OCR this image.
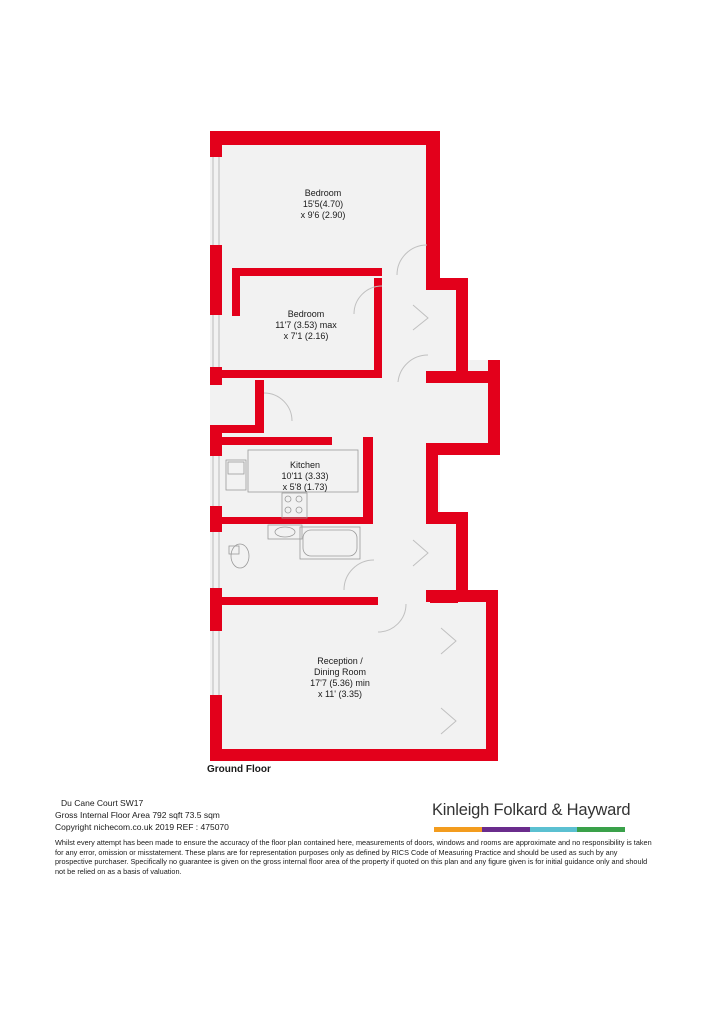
Bedroom
15'5(4.70)
x 9'6 (2.90)
Bedroom
11'7 (3.53) max
x 7'1 (2.16)
Kitchen
10'11 (3.33)
x 5'8 (1.73)
Reception /
Dining Room
17'7 (5.36) min
x 11' (3.35)
Ground Floor
Du Cane Court SW17
Gross Internal Floor Area 792 sqft 73.5 sqm
Copyright nichecom.co.uk 2019 REF : 475070

Whilst every attempt has been made to ensure the accuracy of the floor plan contained here, measurements of doors, windows and rooms are approximate and no responsibility is taken for any error, omission or misstatement. These plans are for representation purposes only as defined by RICS Code of Measuring Practice and should be used as such by any prospective purchaser. Specifically no guarantee is given on the gross internal floor area of the property if quoted on this plan and any figure given is for initial guidance only and should not be relied on as a basis of valuation.

Kinleigh Folkard & Hayward
